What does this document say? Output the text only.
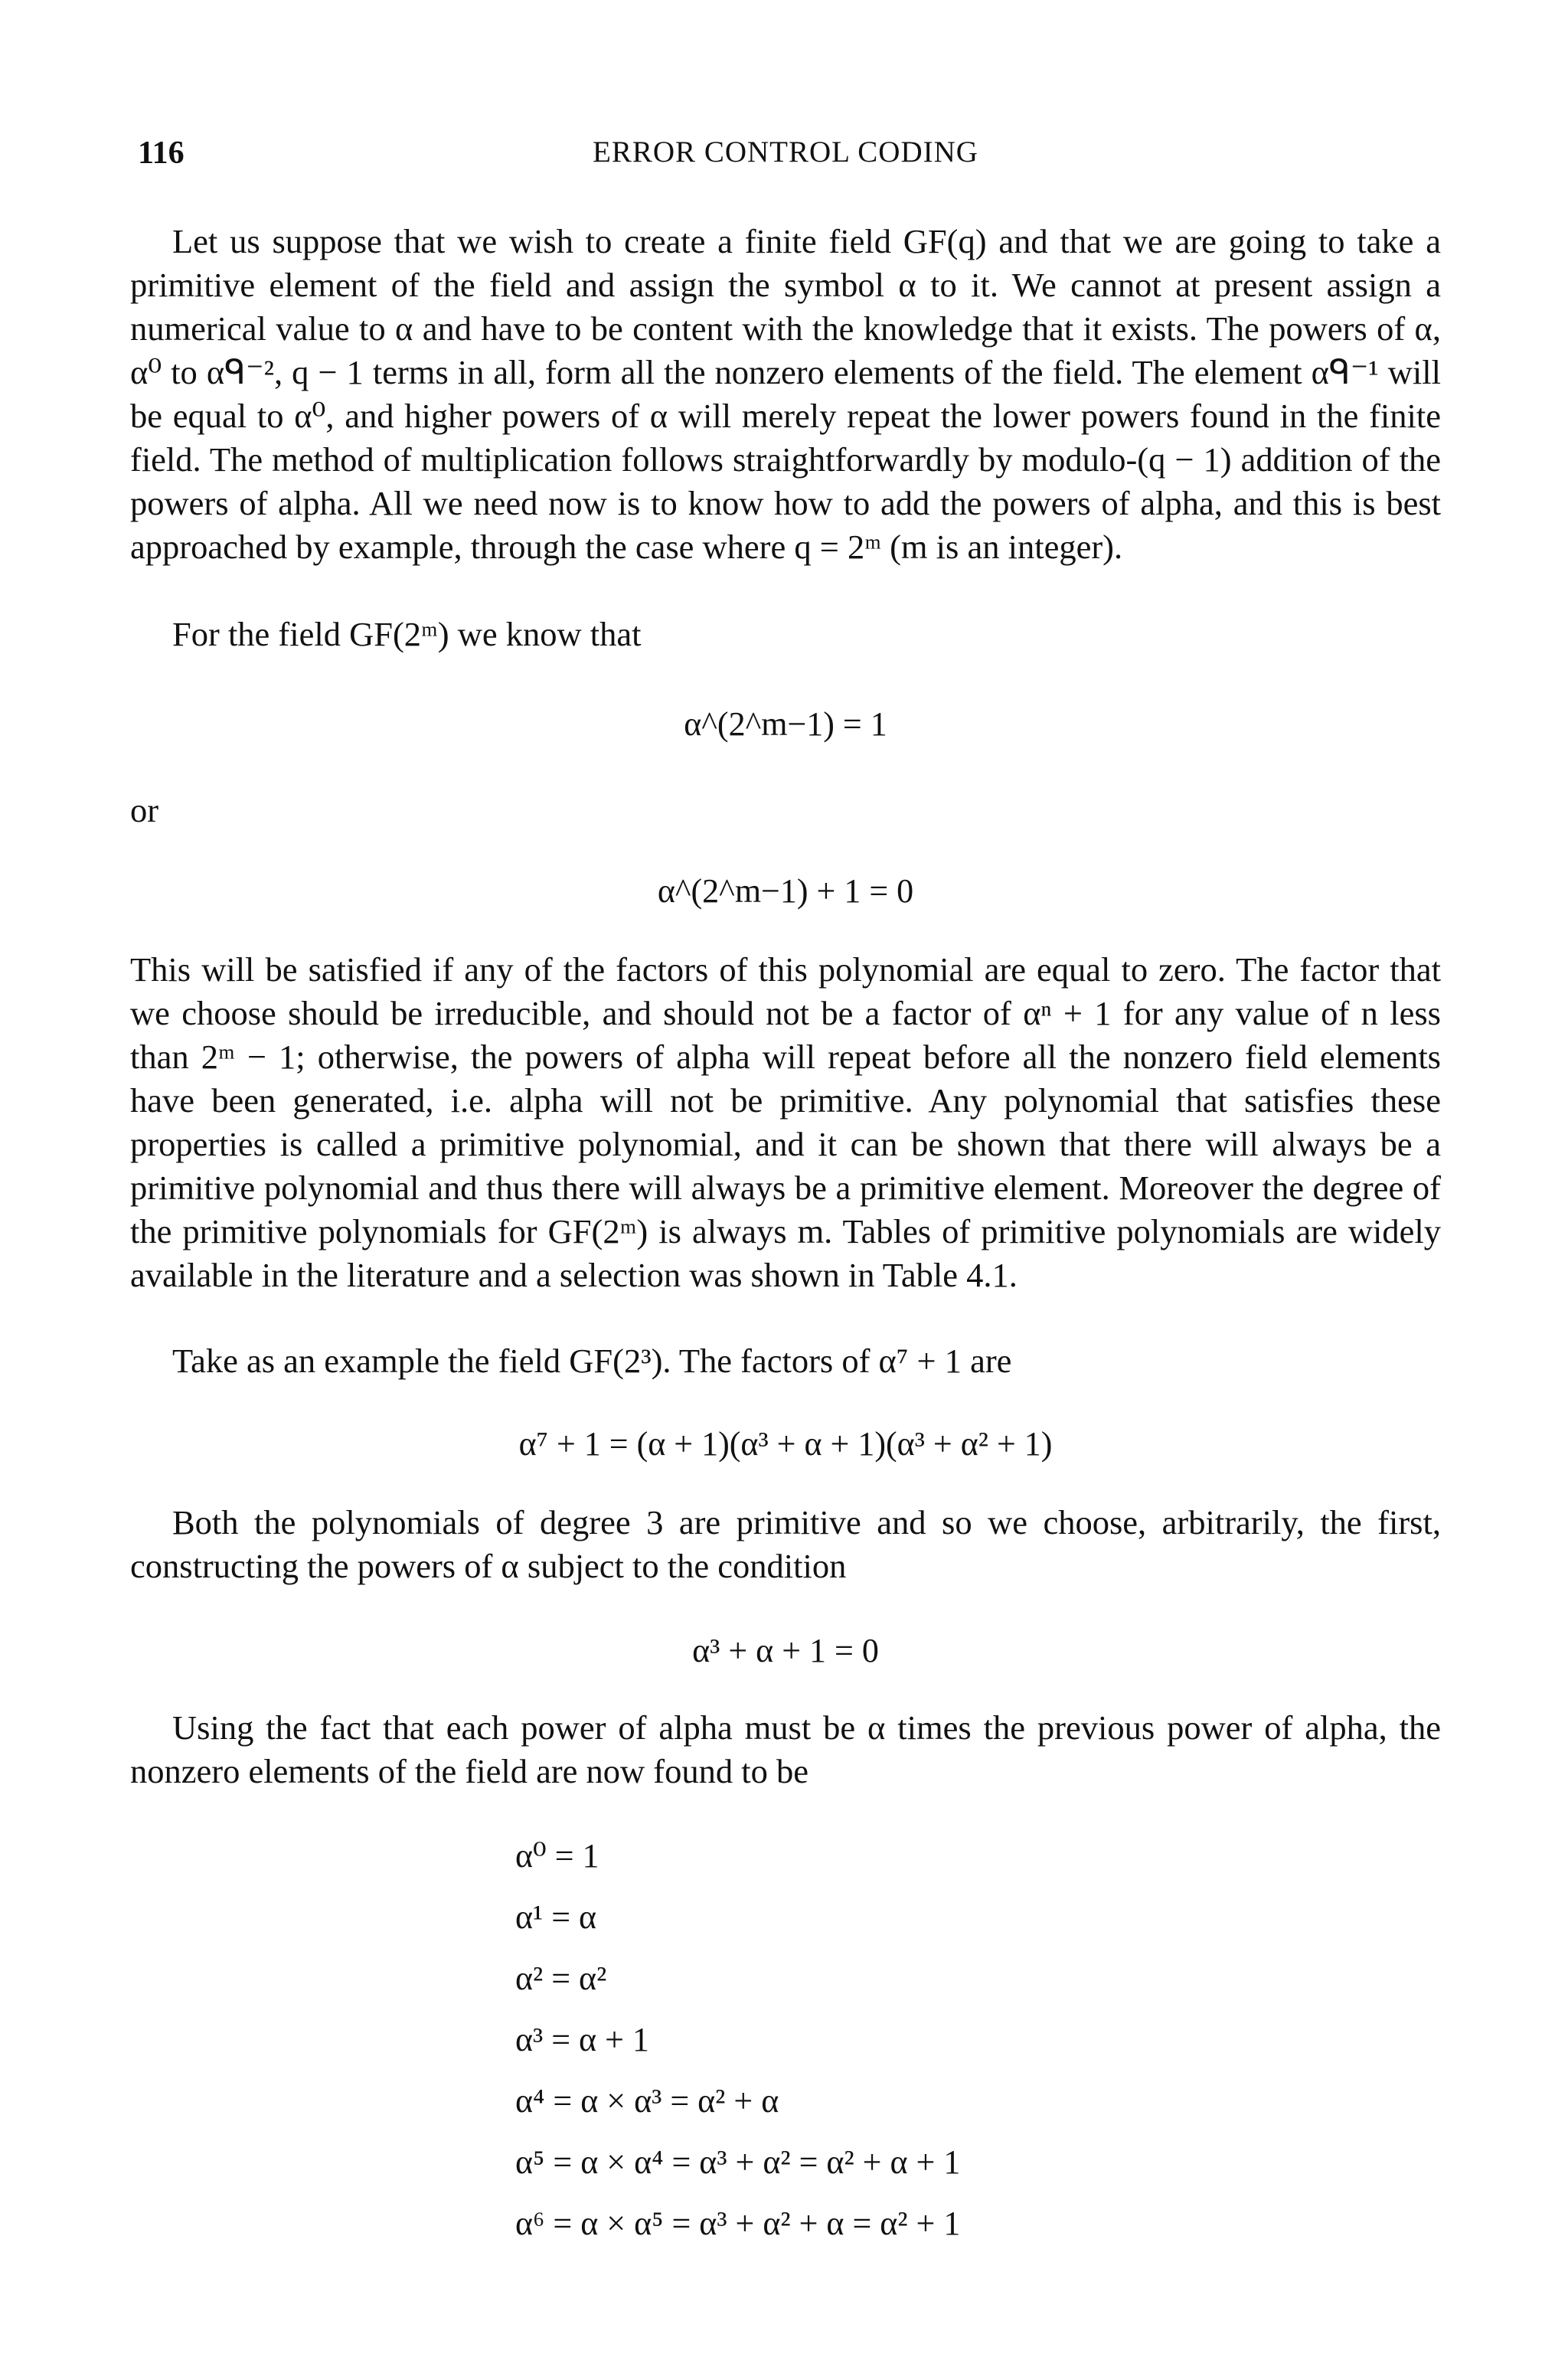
116	ERROR CONTROL CODING

Let us suppose that we wish to create a finite field GF(q) and that we are going to take a primitive element of the field and assign the symbol α to it. We cannot at present assign a numerical value to α and have to be content with the knowledge that it exists. The powers of α, α⁰ to αᑫ⁻², q − 1 terms in all, form all the nonzero elements of the field. The element αᑫ⁻¹ will be equal to α⁰, and higher powers of α will merely repeat the lower powers found in the finite field. The method of multiplication follows straightforwardly by modulo-(q − 1) addition of the powers of alpha. All we need now is to know how to add the powers of alpha, and this is best approached by example, through the case where q = 2ᵐ (m is an integer).

For the field GF(2ᵐ) we know that

α^(2^m−1) = 1
or
α^(2^m−1) + 1 = 0

This will be satisfied if any of the factors of this polynomial are equal to zero. The factor that we choose should be irreducible, and should not be a factor of αⁿ + 1 for any value of n less than 2ᵐ − 1; otherwise, the powers of alpha will repeat before all the nonzero field elements have been generated, i.e. alpha will not be primitive. Any polynomial that satisfies these properties is called a primitive polynomial, and it can be shown that there will always be a primitive polynomial and thus there will always be a primitive element. Moreover the degree of the primitive polynomials for GF(2ᵐ) is always m. Tables of primitive polynomials are widely available in the literature and a selection was shown in Table 4.1.

Take as an example the field GF(2³). The factors of α⁷ + 1 are

α⁷ + 1 = (α + 1)(α³ + α + 1)(α³ + α² + 1)

Both the polynomials of degree 3 are primitive and so we choose, arbitrarily, the first, constructing the powers of α subject to the condition

α³ + α + 1 = 0

Using the fact that each power of alpha must be α times the previous power of alpha, the nonzero elements of the field are now found to be

α⁰ = 1
α¹ = α
α² = α²
α³ = α + 1
α⁴ = α × α³ = α² + α
α⁵ = α × α⁴ = α³ + α² = α² + α + 1
α⁶ = α × α⁵ = α³ + α² + α = α² + 1
